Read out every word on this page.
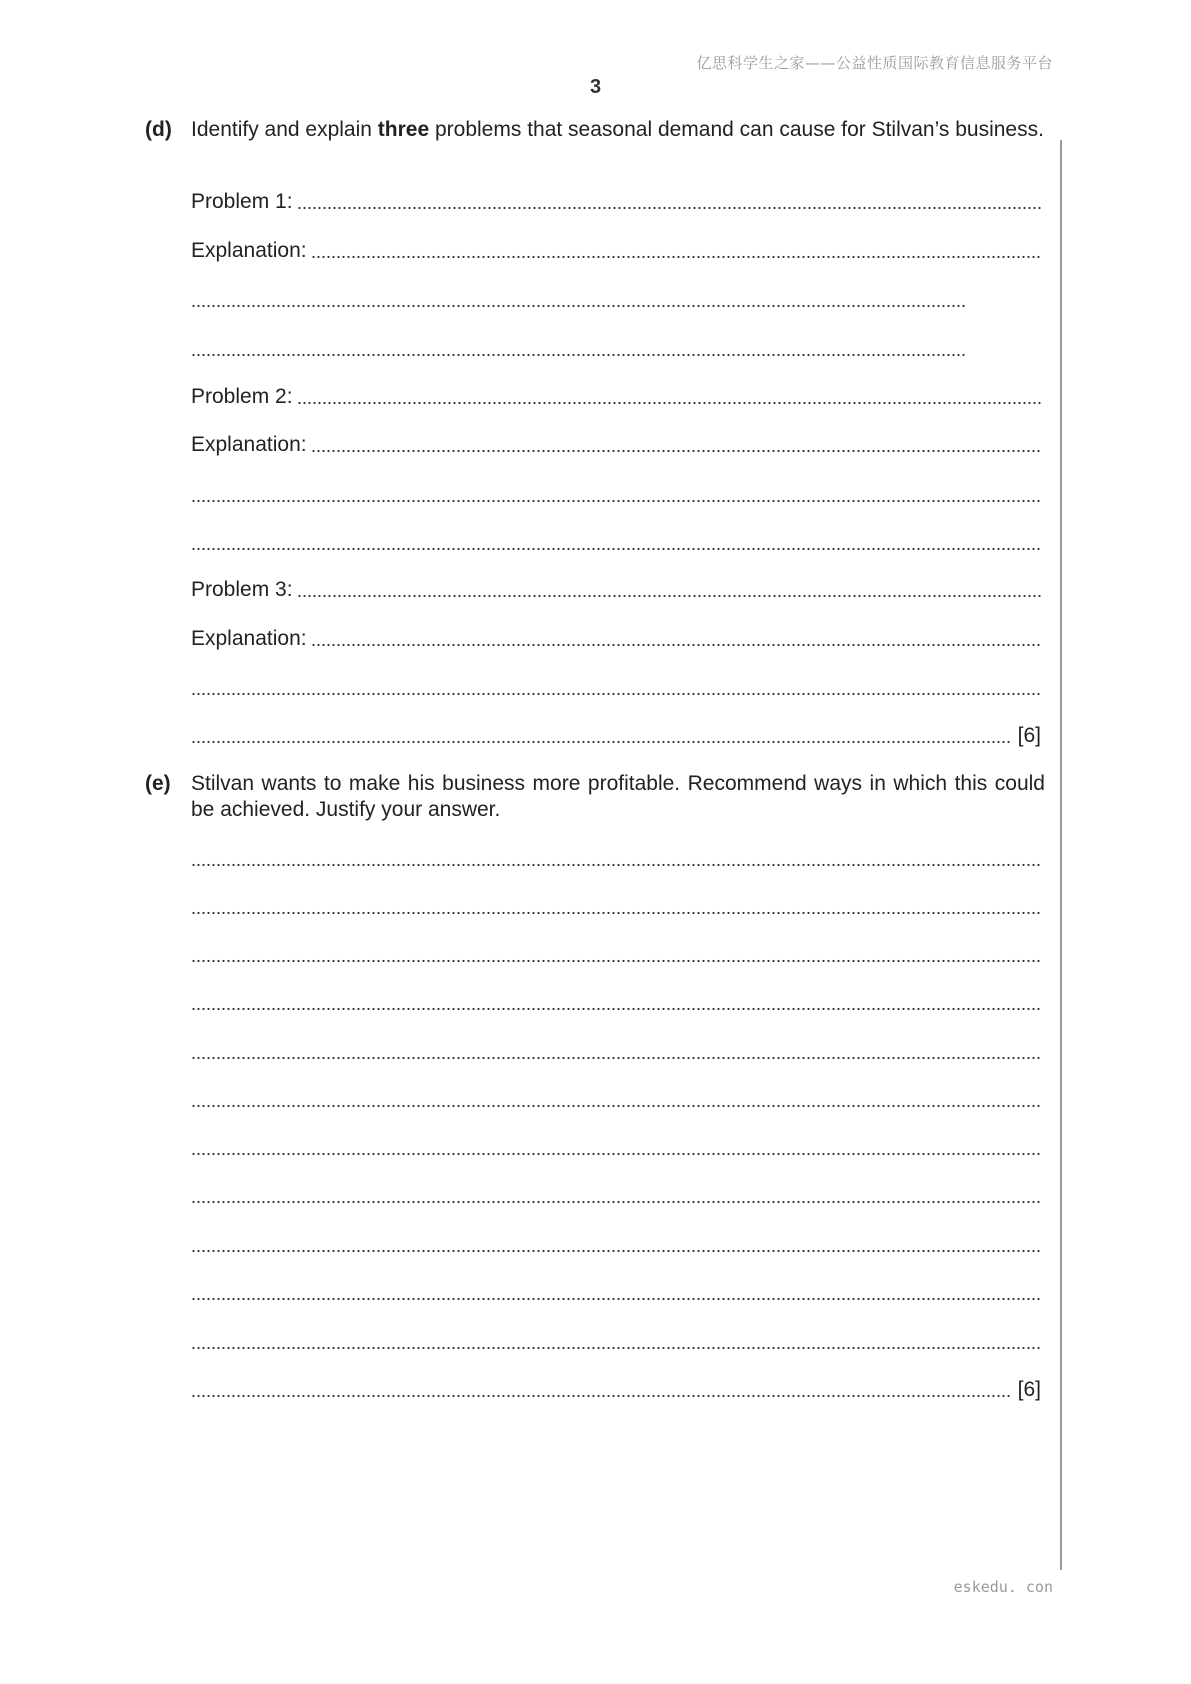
亿思科学生之家——公益性质国际教育信息服务平台
3
(d) Identify and explain three problems that seasonal demand can cause for Stilvan’s business.
Problem 1:
Explanation:
Problem 2:
Explanation:
Problem 3:
Explanation:
[6]
(e) Stilvan wants to make his business more profitable. Recommend ways in which this could be achieved. Justify your answer.
[6]
eskedu. con
